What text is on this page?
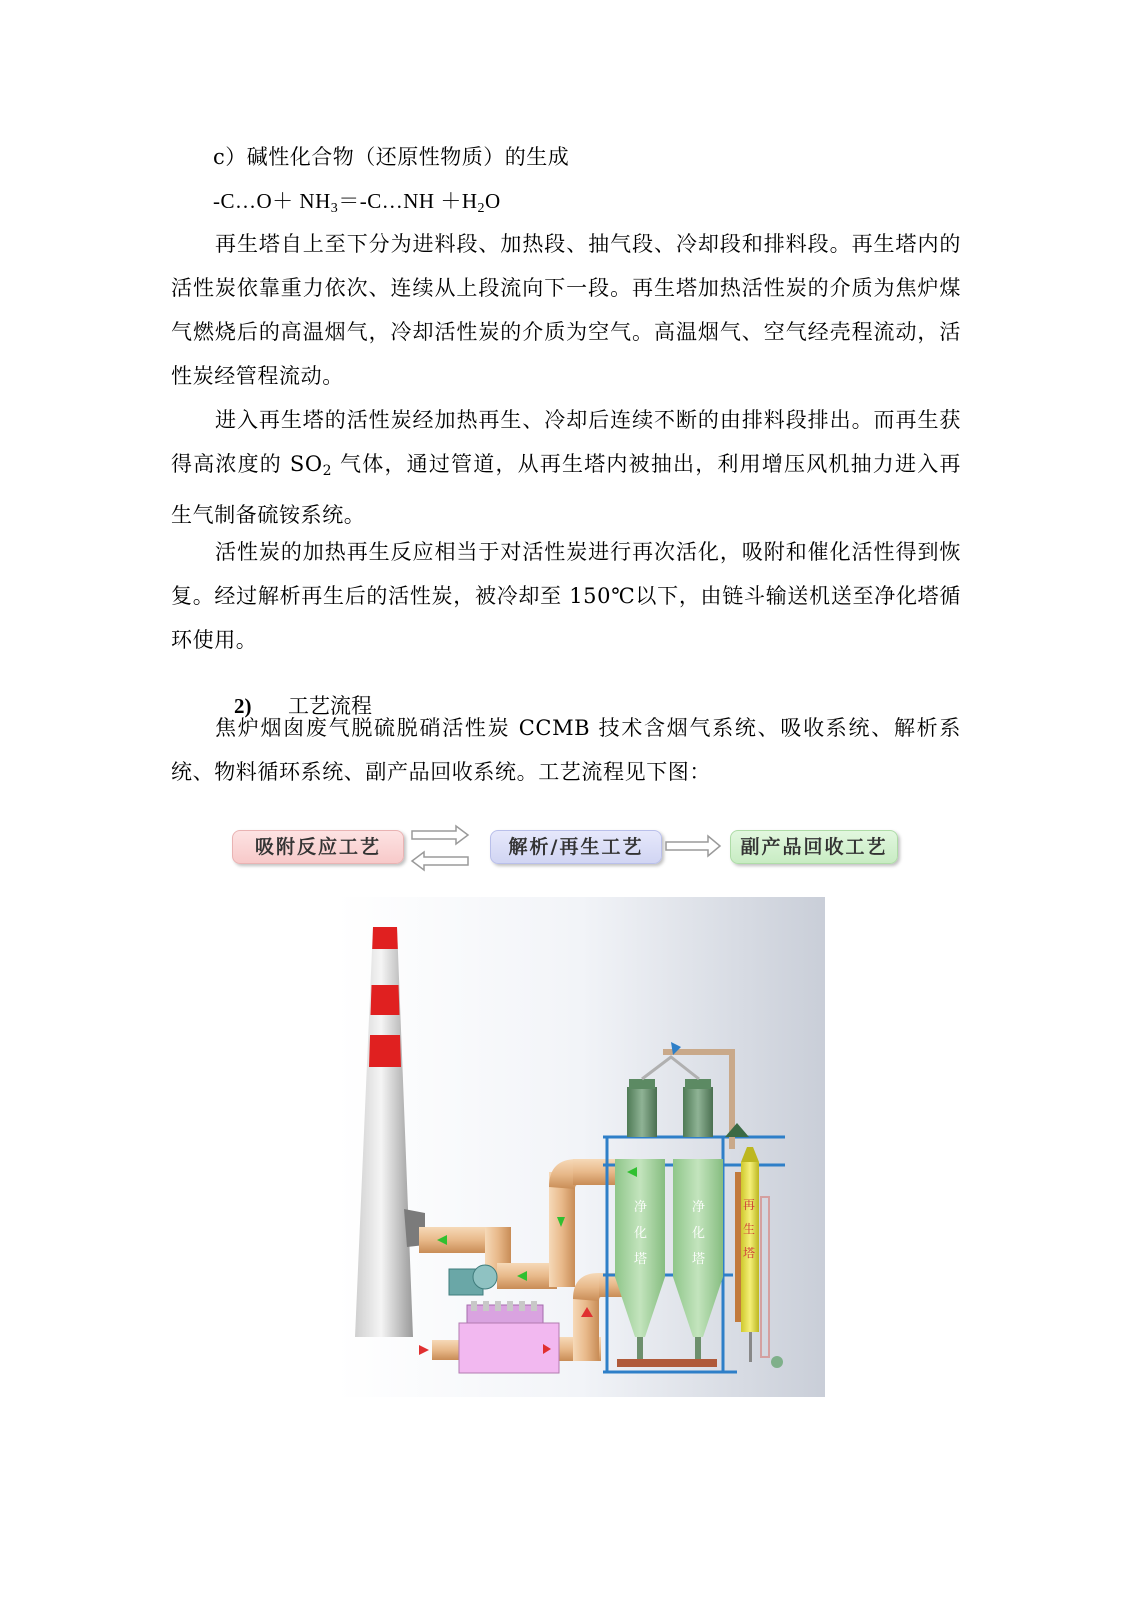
c）碱性化合物（还原性物质）的生成
-C…O＋ $NH_3=-C\dots NH +H_2O$
再生塔自上至下分为进料段、加热段、抽气段、冷却段和排料段。再生塔内的活性炭依靠重力依次、连续从上段流向下一段。再生塔加热活性炭的介质为焦炉煤气燃烧后的高温烟气，冷却活性炭的介质为空气。高温烟气、空气经壳程流动，活性炭经管程流动。
进入再生塔的活性炭经加热再生、冷却后连续不断的由排料段排出。而再生获得高浓度的 $SO_2$ 气体，通过管道，从再生塔内被抽出，利用增压风机抽力进入再生气制备硫铵系统。
活性炭的加热再生反应相当于对活性炭进行再次活化，吸附和催化活性得到恢复。经过解析再生后的活性炭，被冷却至 150℃以下，由链斗输送机送至净化塔循环使用。
2) 工艺流程
焦炉烟囱废气脱硫脱硝活性炭 CCMB 技术含烟气系统、吸收系统、解析系统、物料循环系统、副产品回收系统。工艺流程见下图：
吸附反应工艺	解析/再生工艺	副产品回收工艺
净
化
塔
净
化
塔
再
生
塔
